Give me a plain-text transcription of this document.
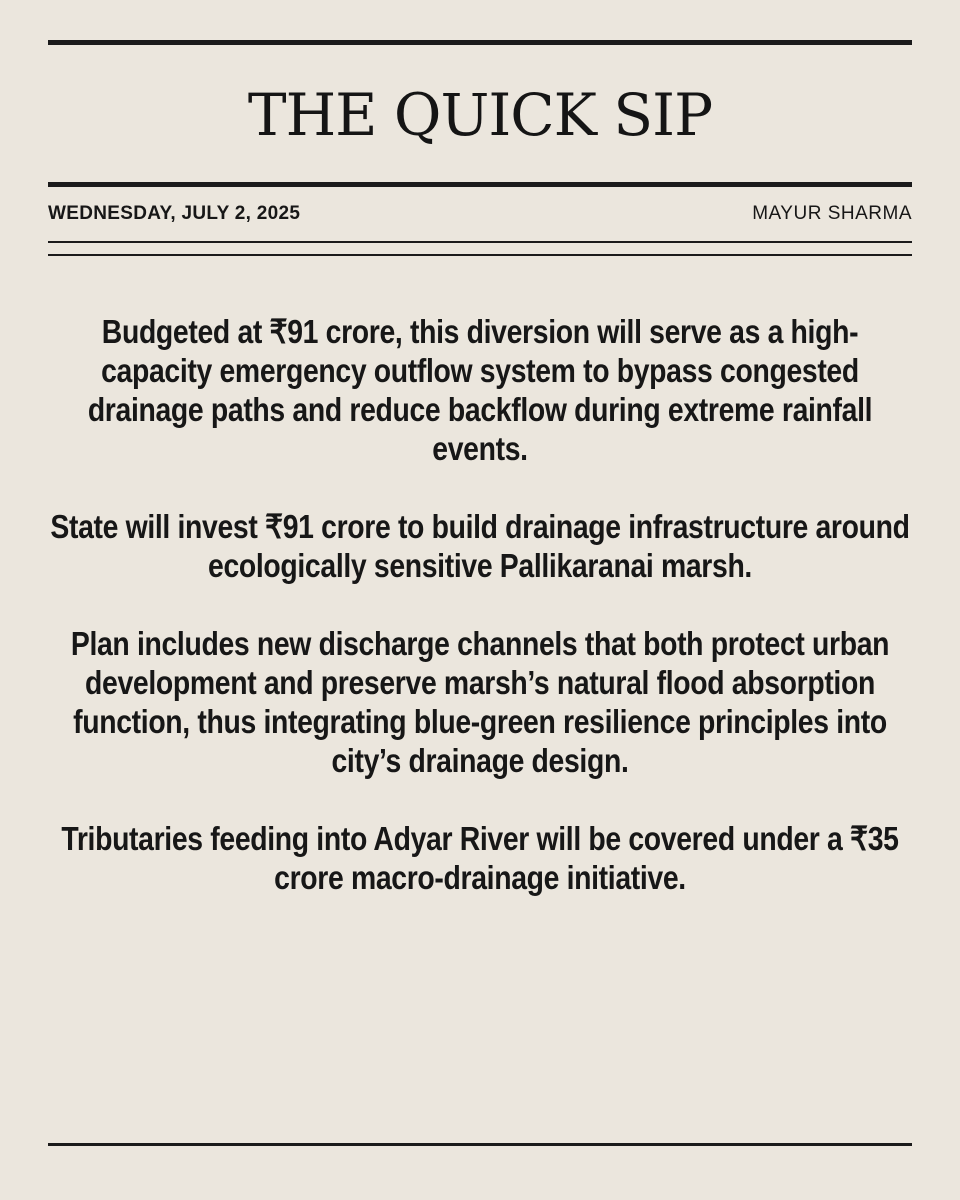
THE QUICK SIP
WEDNESDAY, JULY 2, 2025	MAYUR SHARMA

Budgeted at ₹91 crore, this diversion will serve as a high-capacity emergency outflow system to bypass congested drainage paths and reduce backflow during extreme rainfall events.

State will invest ₹91 crore to build drainage infrastructure around ecologically sensitive Pallikaranai marsh.

Plan includes new discharge channels that both protect urban development and preserve marsh’s natural flood absorption function, thus integrating blue-green resilience principles into city’s drainage design.

Tributaries feeding into Adyar River will be covered under a ₹35 crore macro-drainage initiative.
